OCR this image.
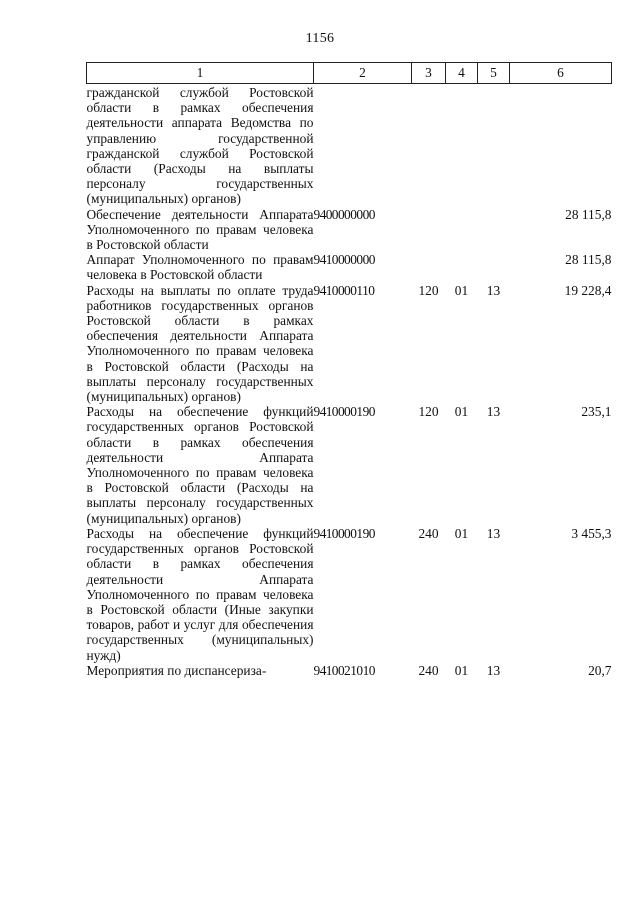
1156
1	2	3	4	5	6
гражданской службой Ростовской области в рамках обеспечения деятельности аппарата Ведомства по управлению государственной гражданской службой Ростовской области (Расходы на выплаты персоналу государственных (муниципальных) органов)					
Обеспечение деятельности Аппарата Уполномоченного по правам человека в Ростовской области	94 0 00 00000				28 115,8
Аппарат Уполномоченного по правам человека в Ростовской области	94 1 00 00000				28 115,8
Расходы на выплаты по оплате труда работников государственных органов Ростовской области в рамках обеспечения деятельности Аппарата Уполномоченного по правам человека в Ростовской области (Расходы на выплаты персоналу государственных (муниципальных) органов)	94 1 00 00110	120	01	13	19 228,4
Расходы на обеспечение функций государственных органов Ростовской области в рамках обеспечения деятельности Аппарата Уполномоченного по правам человека в Ростовской области (Расходы на выплаты персоналу государственных (муниципальных) органов)	94 1 00 00190	120	01	13	235,1
Расходы на обеспечение функций государственных органов Ростовской области в рамках обеспечения деятельности Аппарата Уполномоченного по правам человека в Ростовской области (Иные закупки товаров, работ и услуг для обеспечения государственных (муниципальных) нужд)	94 1 00 00190	240	01	13	3 455,3
Мероприятия по диспансериза-	94 1 00 21010	240	01	13	20,7
